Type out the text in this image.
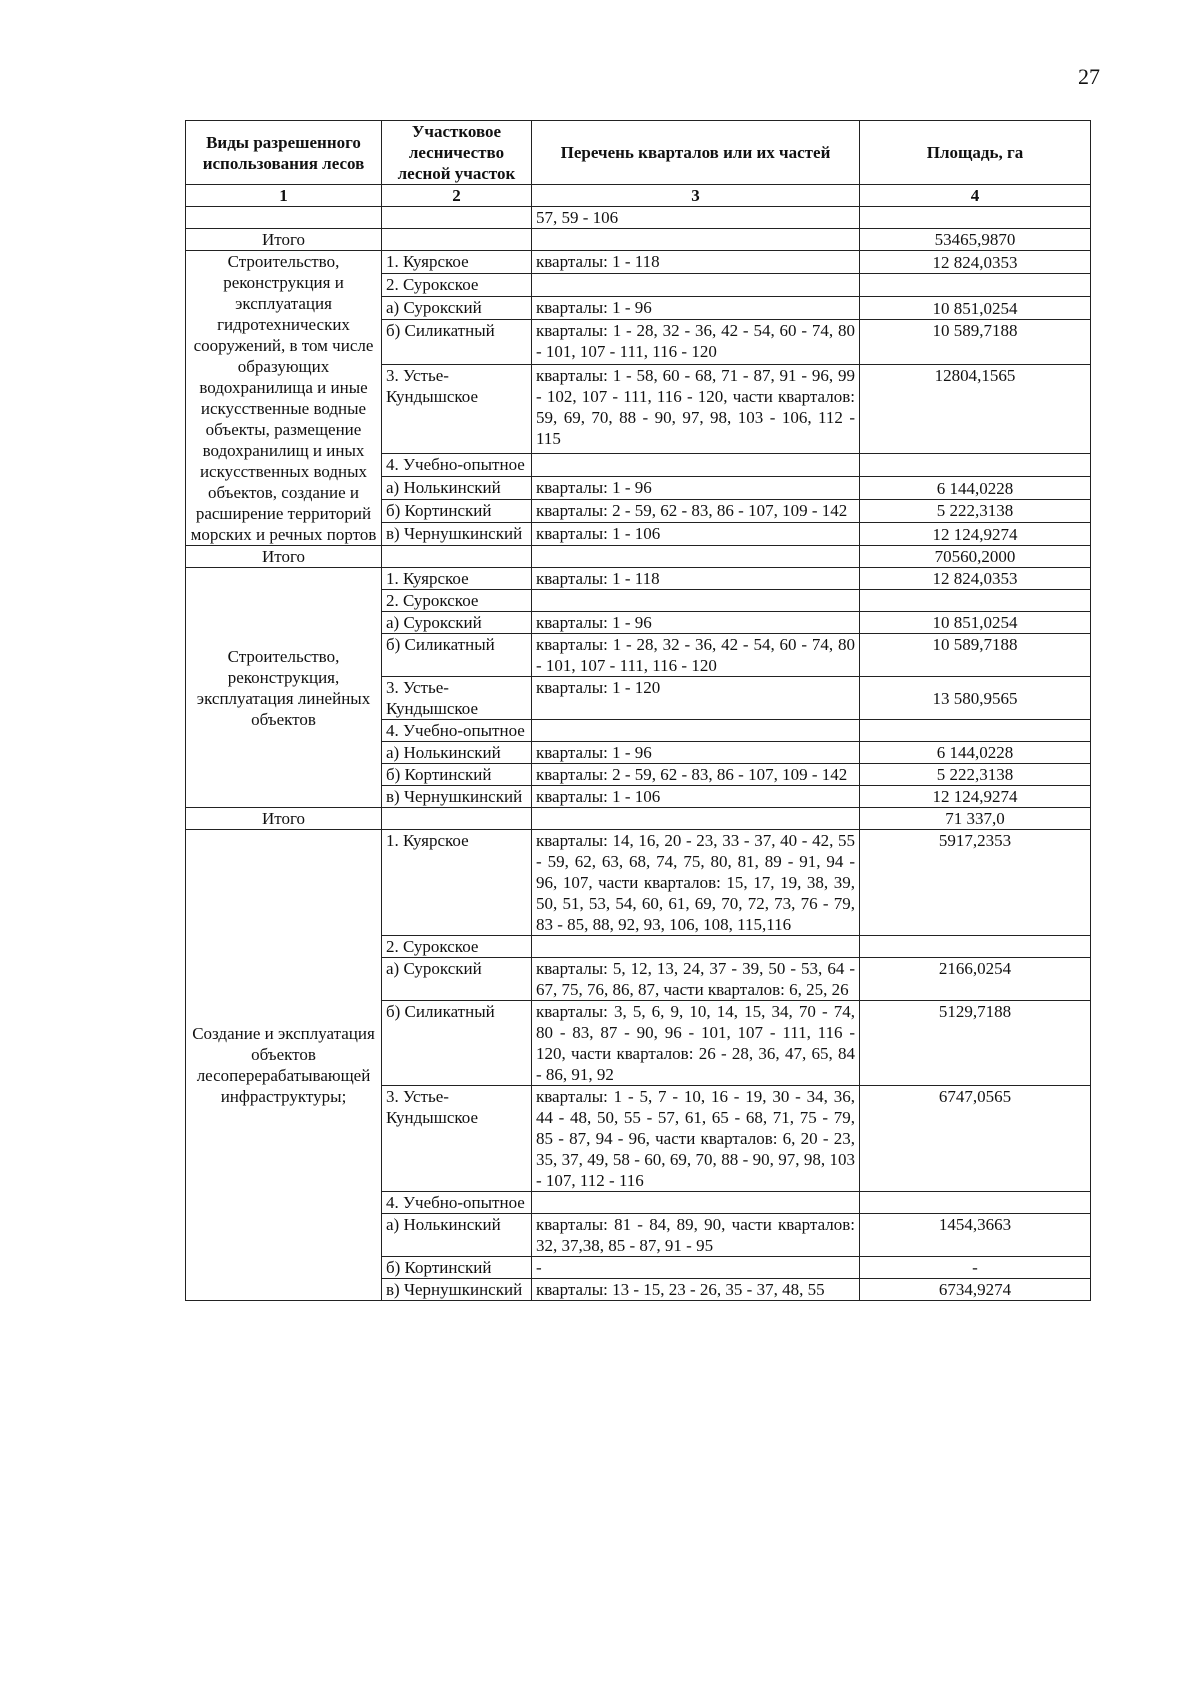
27
Виды разрешенного использования лесов	Участковое лесничество лесной участок	Перечень кварталов или их частей	Площадь, га
1	2	3	4
		57, 59 - 106	
Итого			53465,9870
Строительство, реконструкция и эксплуатация гидротехнических сооружений, в том числе образующих водохранилища и иные искусственные водные объекты, размещение водохранилищ и иных искусственных водных объектов, создание и расширение территорий морских и речных портов	1. Куярское	кварталы: 1 - 118	12 824,0353
	2. Сурокское		
	а) Сурокский	кварталы: 1 - 96	10 851,0254
	б) Силикатный	кварталы: 1 - 28, 32 - 36, 42 - 54, 60 - 74, 80 - 101, 107 - 111, 116 - 120	10 589,7188
	3. Устье-Кундышское	кварталы: 1 - 58, 60 - 68, 71 - 87, 91 - 96, 99 - 102, 107 - 111, 116 - 120, части кварталов: 59, 69, 70, 88 - 90, 97, 98, 103 - 106, 112 - 115	12804,1565
	4. Учебно-опытное		
	а) Нолькинский	кварталы: 1 - 96	6 144,0228
	б) Кортинский	кварталы: 2 - 59, 62 - 83, 86 - 107, 109 - 142	5 222,3138
	в) Чернушкинский	кварталы: 1 - 106	12 124,9274
Итого			70560,2000
Строительство, реконструкция, эксплуатация линейных объектов	1. Куярское	кварталы: 1 - 118	12 824,0353
	2. Сурокское		
	а) Сурокский	кварталы: 1 - 96	10 851,0254
	б) Силикатный	кварталы: 1 - 28, 32 - 36, 42 - 54, 60 - 74, 80 - 101, 107 - 111, 116 - 120	10 589,7188
	3. Устье-Кундышское	кварталы: 1 - 120	13 580,9565
	4. Учебно-опытное		
	а) Нолькинский	кварталы: 1 - 96	6 144,0228
	б) Кортинский	кварталы: 2 - 59, 62 - 83, 86 - 107, 109 - 142	5 222,3138
	в) Чернушкинский	кварталы: 1 - 106	12 124,9274
Итого			71 337,0
Создание и эксплуатация объектов лесоперерабатывающей инфраструктуры;	1. Куярское	кварталы: 14, 16, 20 - 23, 33 - 37, 40 - 42, 55 - 59, 62, 63, 68, 74, 75, 80, 81, 89 - 91, 94 - 96, 107, части кварталов: 15, 17, 19, 38, 39, 50, 51, 53, 54, 60, 61, 69, 70, 72, 73, 76 - 79, 83 - 85, 88, 92, 93, 106, 108, 115,116	5917,2353
	2. Сурокское		
	а) Сурокский	кварталы: 5, 12, 13, 24, 37 - 39, 50 - 53, 64 - 67, 75, 76, 86, 87, части кварталов: 6, 25, 26	2166,0254
	б) Силикатный	кварталы: 3, 5, 6, 9, 10, 14, 15, 34, 70 - 74, 80 - 83, 87 - 90, 96 - 101, 107 - 111, 116 - 120, части кварталов: 26 - 28, 36, 47, 65, 84 - 86, 91, 92	5129,7188
	3. Устье-Кундышское	кварталы: 1 - 5, 7 - 10, 16 - 19, 30 - 34, 36, 44 - 48, 50, 55 - 57, 61, 65 - 68, 71, 75 - 79, 85 - 87, 94 - 96, части кварталов: 6, 20 - 23, 35, 37, 49, 58 - 60, 69, 70, 88 - 90, 97, 98, 103 - 107, 112 - 116	6747,0565
	4. Учебно-опытное		
	а) Нолькинский	кварталы: 81 - 84, 89, 90, части кварталов: 32, 37,38, 85 - 87, 91 - 95	1454,3663
	б) Кортинский	-	-
	в) Чернушкинский	кварталы: 13 - 15, 23 - 26, 35 - 37, 48, 55	6734,9274
